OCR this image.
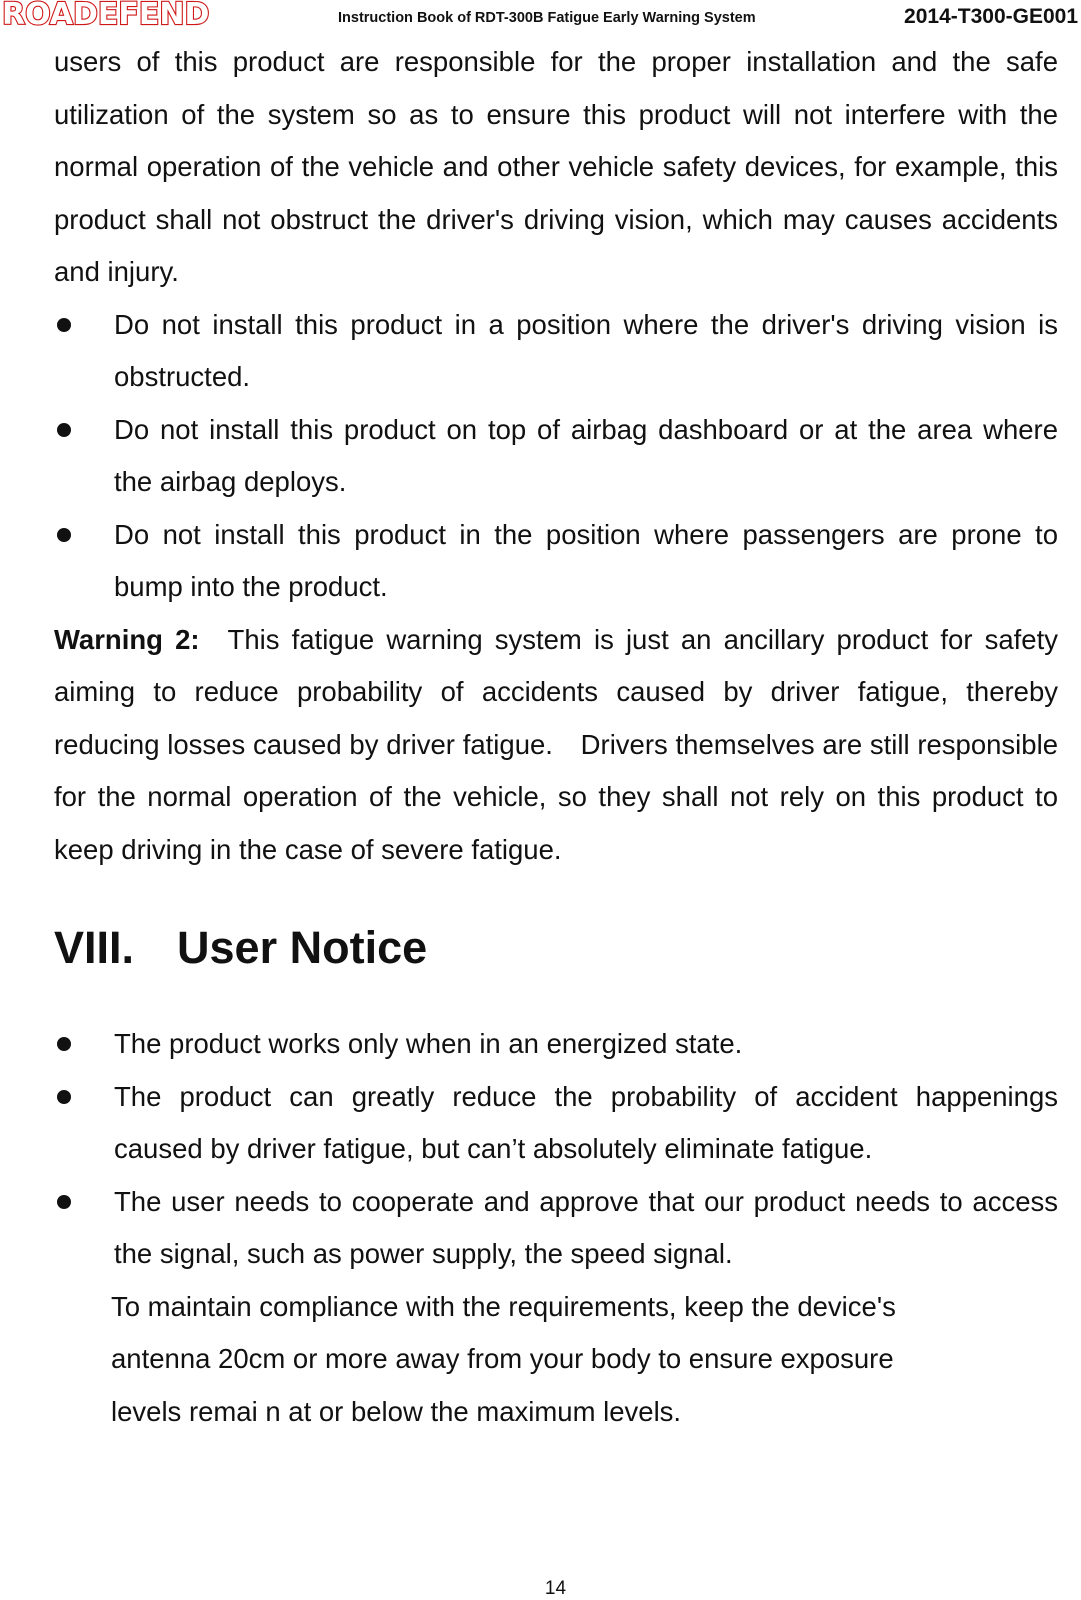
ROADEFEND	Instruction Book of RDT-300B Fatigue Early Warning System	2014-T300-GE001

users of this product are responsible for the proper installation and the safe utilization of the system so as to ensure this product will not interfere with the normal operation of the vehicle and other vehicle safety devices, for example, this product shall not obstruct the driver's driving vision, which may causes accidents and injury.

Do not install this product in a position where the driver's driving vision is obstructed.
Do not install this product on top of airbag dashboard or at the area where the airbag deploys.
Do not install this product in the position where passengers are prone to bump into the product.

Warning 2: This fatigue warning system is just an ancillary product for safety aiming to reduce probability of accidents caused by driver fatigue, thereby reducing losses caused by driver fatigue.　Drivers themselves are still responsible for the normal operation of the vehicle, so they shall not rely on this product to keep driving in the case of severe fatigue.

VIII. User Notice
The product works only when in an energized state.
The product can greatly reduce the probability of accident happenings caused by driver fatigue, but can’t absolutely eliminate fatigue.
The user needs to cooperate and approve that our product needs to access the signal, such as power supply, the speed signal.
To maintain compliance with the requirements, keep the device's
antenna 20cm or more away from your body to ensure exposure
levels remai n at or below the maximum levels.
14
